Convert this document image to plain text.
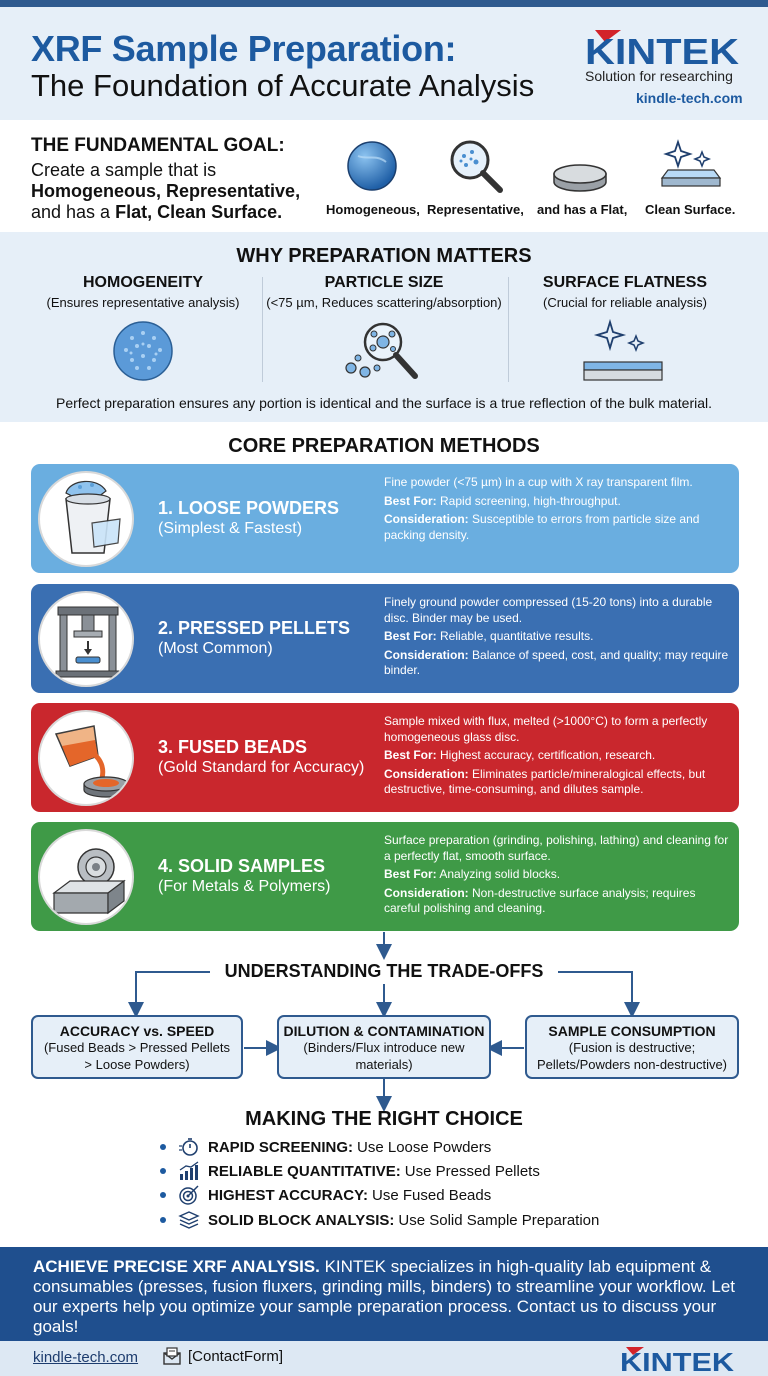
XRF Sample Preparation:
The Foundation of Accurate Analysis
KINTEK
Solution for researching
kindle-tech.com
THE FUNDAMENTAL GOAL:
Create a sample that is
Homogeneous, Representative,
and has a Flat, Clean Surface.	Homogeneous, Representative, and has a Flat, Clean Surface.
WHY PREPARATION MATTERS
HOMOGENEITY
(Ensures representative analysis)
PARTICLE SIZE
(<75 µm, Reduces scattering/absorption)
SURFACE FLATNESS
(Crucial for reliable analysis)
Perfect preparation ensures any portion is identical and the surface is a true reflection of the bulk material.
CORE PREPARATION METHODS
1. LOOSE POWDERS
(Simplest & Fastest)

Fine powder (<75 µm) in a cup with X ray transparent film.

Best For: Rapid screening, high-throughput.

Consideration: Susceptible to errors from particle size and packing density.

2. PRESSED PELLETS
(Most Common)

Finely ground powder compressed (15-20 tons) into a durable disc. Binder may be used.

Best For: Reliable, quantitative results.

Consideration: Balance of speed, cost, and quality; may require binder.

3. FUSED BEADS
(Gold Standard for Accuracy)

Sample mixed with flux, melted (>1000°C) to form a perfectly homogeneous glass disc.

Best For: Highest accuracy, certification, research.

Consideration: Eliminates particle/mineralogical effects, but destructive, time-consuming, and dilutes sample.

4. SOLID SAMPLES
(For Metals & Polymers)

Surface preparation (grinding, polishing, lathing) and cleaning for a perfectly flat, smooth surface.

Best For: Analyzing solid blocks.

Consideration: Non-destructive surface analysis; requires careful polishing and cleaning.

UNDERSTANDING THE TRADE-OFFS
ACCURACY vs. SPEED
(Fused Beads > Pressed Pellets
> Loose Powders)
DILUTION & CONTAMINATION
(Binders/Flux introduce new
materials)
SAMPLE CONSUMPTION
(Fusion is destructive;
Pellets/Powders non-destructive)
MAKING THE RIGHT CHOICE
RAPID SCREENING: Use Loose Powders
RELIABLE QUANTITATIVE: Use Pressed Pellets
HIGHEST ACCURACY: Use Fused Beads
SOLID BLOCK ANALYSIS: Use Solid Sample Preparation
ACHIEVE PRECISE XRF ANALYSIS. KINTEK specializes in high-quality lab equipment & consumables (presses, fusion fluxers, grinding mills, binders) to streamline your workflow. Let our experts help you optimize your sample preparation process. Contact us to discuss your goals!
kindle-tech.com	[ContactForm]	KINTEK
